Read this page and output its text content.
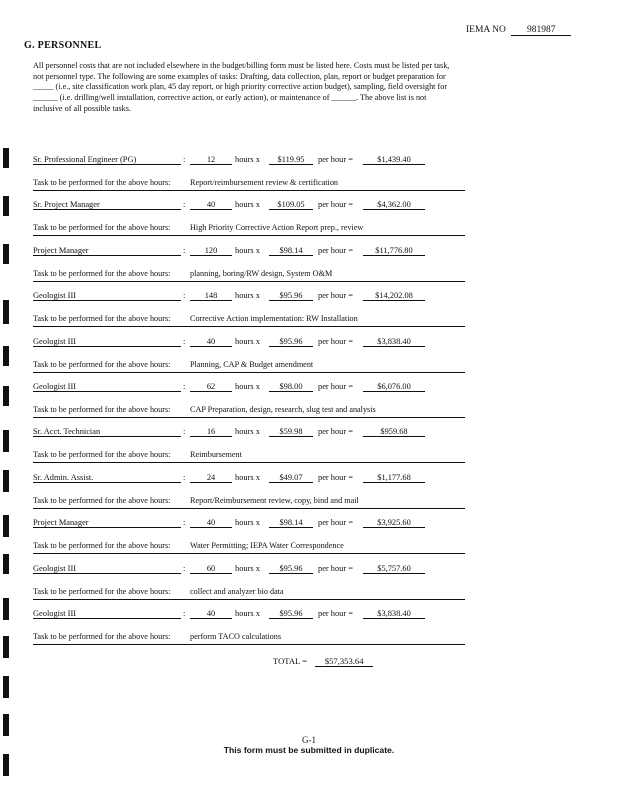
IEMA NO 981987
G. PERSONNEL
All personnel costs that are not included elsewhere in the budget/billing form must be listed here. Costs must be listed per task, not personnel type. The following are some examples of tasks: Drafting, data collection, plan, report or budget preparation for _____ (i.e., site classification work plan, 45 day report, or high priority corrective action budget), sampling, field oversight for ______ (i.e. drilling/well installation, corrective action, or early action), or maintenance of ______. The above list is not inclusive of all possible tasks.
Sr. Professional Engineer (PG)	:	12	hours x	$119.95	per hour =	$1,439.40
Task to be performed for the above hours: Report/reimbursement review & certification
Sr. Project Manager	:	40	hours x	$109.05	per hour =	$4,362.00
Task to be performed for the above hours: High Priority Corrective Action Report prep., review
Project Manager	:	120	hours x	$98.14	per hour =	$11,776.80
Task to be performed for the above hours: planning, boring/RW design, System O&M
Geologist III	:	148	hours x	$95.96	per hour =	$14,202.08
Task to be performed for the above hours: Corrective Action implementation: RW Installation
Geologist III	:	40	hours x	$95.96	per hour =	$3,838.40
Task to be performed for the above hours: Planning, CAP & Budget amendment
Geologist III	:	62	hours x	$98.00	per hour =	$6,076.00
Task to be performed for the above hours: CAP Preparation, design, research, slug test and analysis
Sr. Acct. Technician	:	16	hours x	$59.98	per hour =	$959.68
Task to be performed for the above hours: Reimbursement
Sr. Admin. Assist.	:	24	hours x	$49.07	per hour =	$1,177.68
Task to be performed for the above hours: Report/Reimbursement review, copy, bind and mail
Project Manager	:	40	hours x	$98.14	per hour =	$3,925.60
Task to be performed for the above hours: Water Permitting; IEPA Water Correspondence
Geologist III	:	60	hours x	$95.96	per hour =	$5,757.60
Task to be performed for the above hours: collect and analyzer bio data
Geologist III	:	40	hours x	$95.96	per hour =	$3,838.40
Task to be performed for the above hours: perform TACO calculations
TOTAL = $57,353.64
G-1
This form must be submitted in duplicate.
